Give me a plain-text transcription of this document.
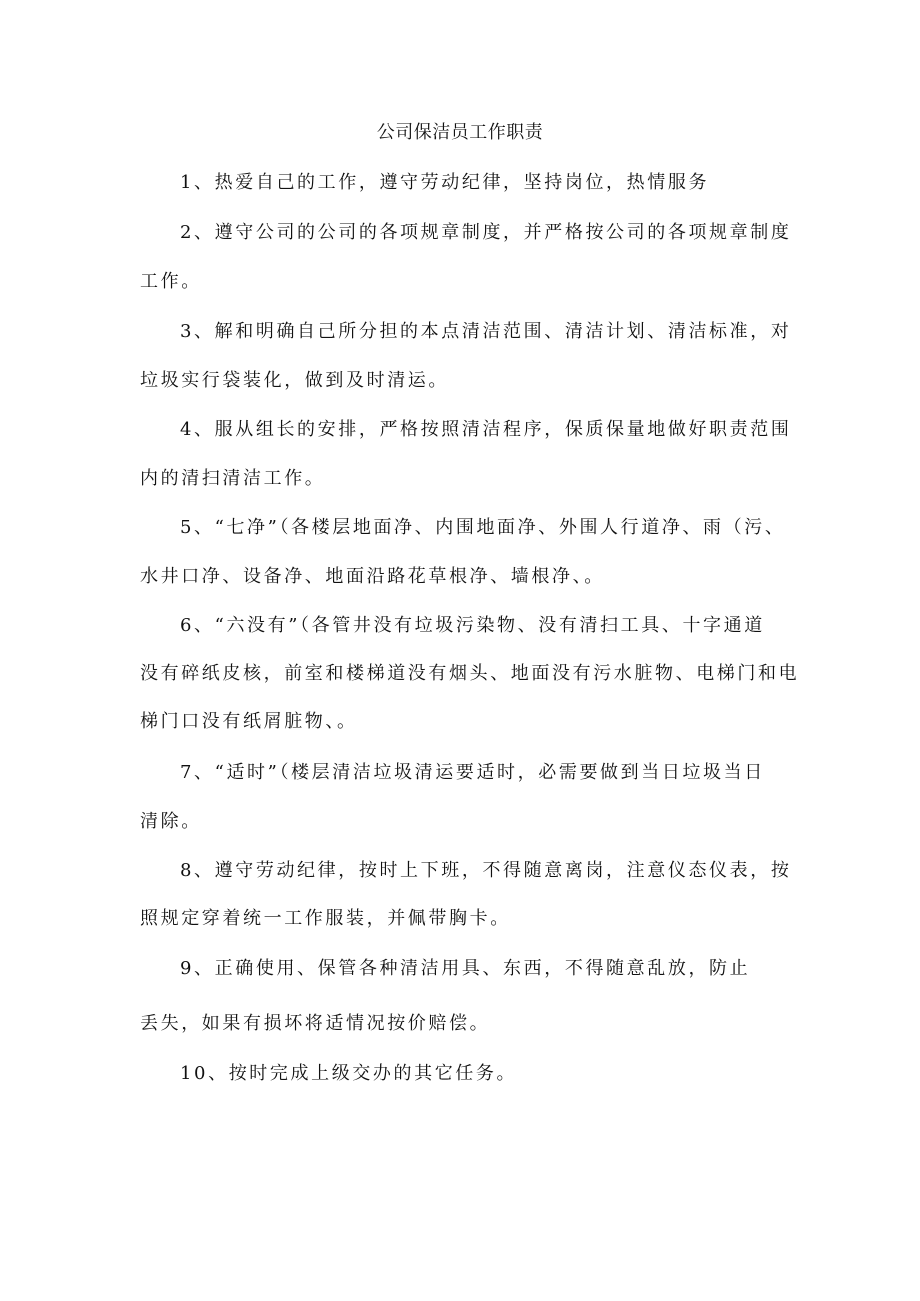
公司保洁员工作职责
1、热爱自己的工作，遵守劳动纪律，坚持岗位，热情服务
2、遵守公司的公司的各项规章制度，并严格按公司的各项规章制度
工作。
3、解和明确自己所分担的本点清洁范围、清洁计划、清洁标准，对
垃圾实行袋装化，做到及时清运。
4、服从组长的安排，严格按照清洁程序，保质保量地做好职责范围
内的清扫清洁工作。
5、“七净”（各楼层地面净、内围地面净、外围人行道净、雨（污、
水井口净、设备净、地面沿路花草根净、墙根净、。
6、“六没有”（各管井没有垃圾污染物、没有清扫工具、十字通道
没有碎纸皮核，前室和楼梯道没有烟头、地面没有污水脏物、电梯门和电
梯门口没有纸屑脏物、。
7、“适时”（楼层清洁垃圾清运要适时，必需要做到当日垃圾当日
清除。
8、遵守劳动纪律，按时上下班，不得随意离岗，注意仪态仪表，按
照规定穿着统一工作服装，并佩带胸卡。
9、正确使用、保管各种清洁用具、东西，不得随意乱放，防止
丢失，如果有损坏将适情况按价赔偿。
10、按时完成上级交办的其它任务。
